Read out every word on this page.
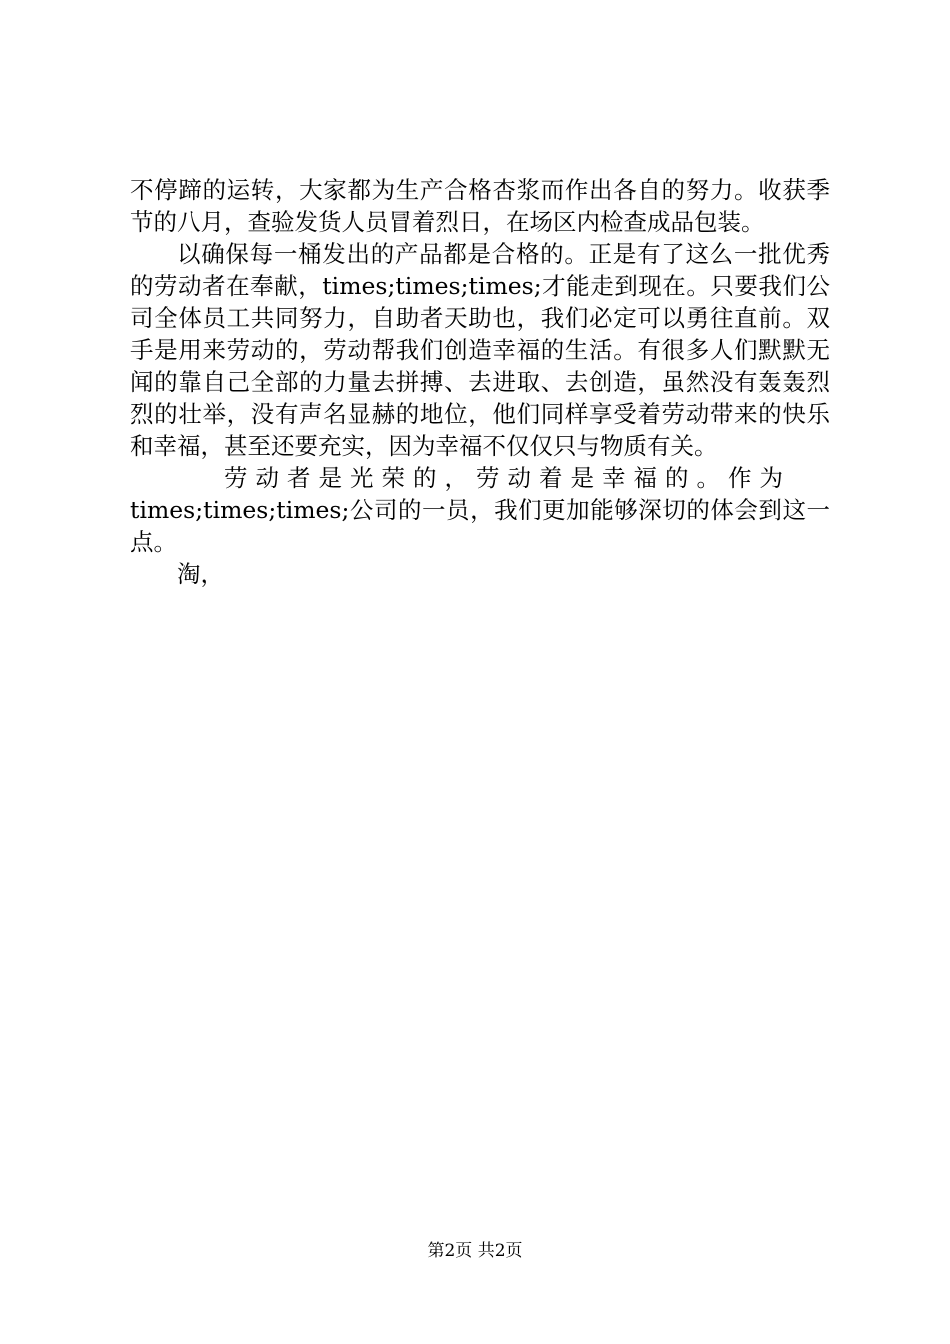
不停蹄的运转，大家都为生产合格杏浆而作出各自的努力。收获季节的八月，查验发货人员冒着烈日，在场区内检查成品包装。

以确保每一桶发出的产品都是合格的。正是有了这么一批优秀的劳动者在奉献，times;times;times;才能走到现在。只要我们公司全体员工共同努力，自助者天助也，我们必定可以勇往直前。双手是用来劳动的，劳动帮我们创造幸福的生活。有很多人们默默无闻的靠自己全部的力量去拼搏、去进取、去创造，虽然没有轰轰烈烈的壮举，没有声名显赫的地位，他们同样享受着劳动带来的快乐和幸福，甚至还要充实，因为幸福不仅仅只与物质有关。

劳动者是光荣的，劳动着是幸福的。作为

times;times;times;公司的一员，我们更加能够深切的体会到这一点。

淘，

第2页 共2页
